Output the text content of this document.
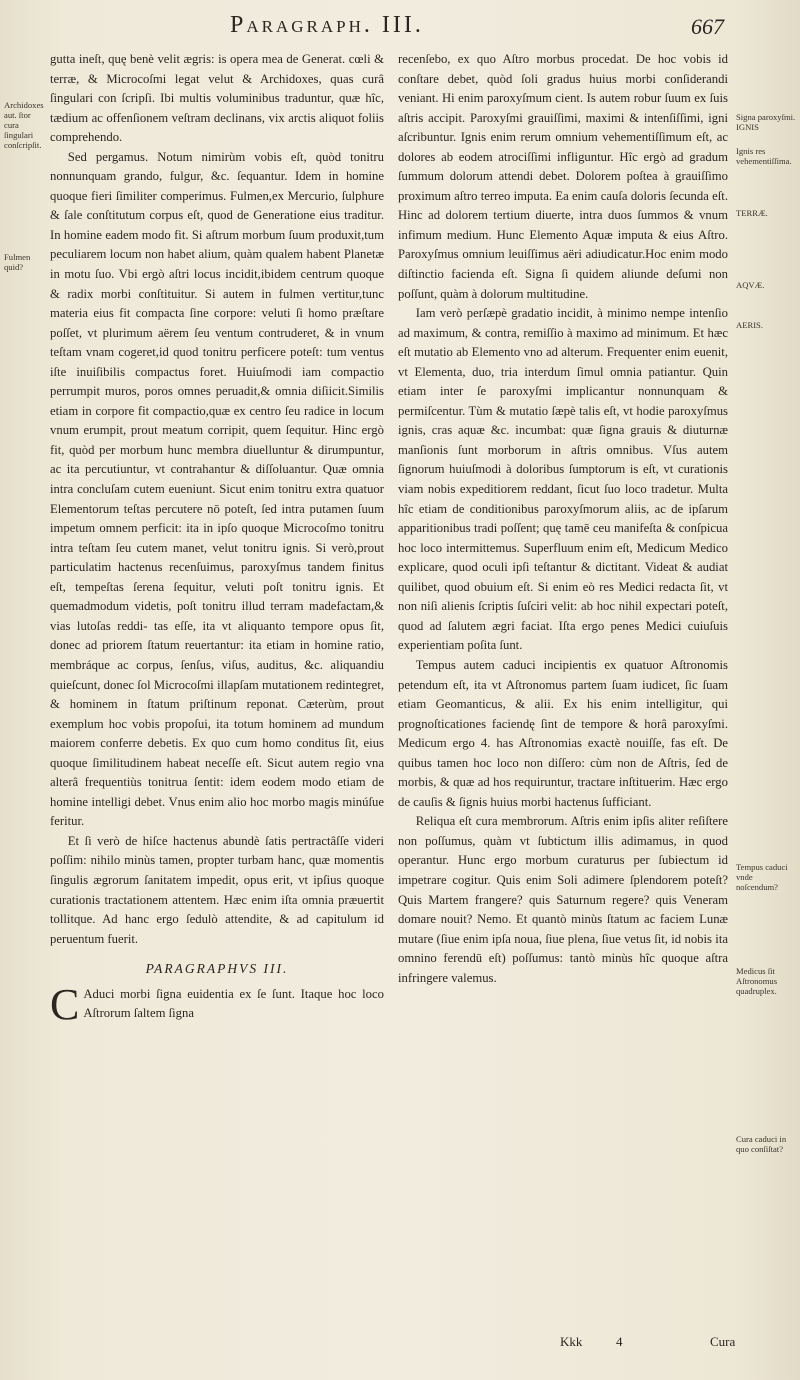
Paragraph. III.	667
Archidoxes aut. ſtor cura ſingulari conſcripſit.
Fulmen quid?
Signa paroxyſmi. IGNIS
Ignis res vehementiſſima.
TERRÆ.
AQVÆ.
AERIS.
Tempus caduci vnde noſcendum?
Medicus ſit Aſtronomus quadruplex.
Cura caduci in quo conſiſtat?

gutta ineſt, quę benè velit ægris: is opera mea de Generat. cœli & terræ, & Microcoſmi legat velut & Archidoxes, quas curâ ſingulari con ſcripſi. Ibi multis voluminibus traduntur, quæ hîc, tædium ac offenſionem veſtram declinans, vix arctis aliquot foliis comprehendo.

Sed pergamus. Notum nimirùm vobis eſt, quòd tonitru nonnunquam grando, fulgur, &c. ſequantur. Idem in homine quoque fieri ſimiliter comperimus. Fulmen,ex Mercurio, ſulphure & ſale conſtitutum corpus eſt, quod de Generatione eius traditur. In homine eadem modo fit. Si aſtrum morbum ſuum produxit,tum peculiarem locum non habet alium, quàm qualem habent Planetæ in motu ſuo. Vbi ergò aſtri locus incidit,ibidem centrum quoque & radix morbi conſtituitur. Si autem in fulmen vertitur,tunc materia eius fit compacta ſine corpore: veluti ſi homo præſtare poſſet, vt plurimum aërem ſeu ventum contruderet, & in vnum teſtam vnam cogeret,id quod tonitru perficere poteſt: tum ventus iſte inuiſibilis compactus foret. Huiuſmodi iam compactio perrumpit muros, poros omnes peruadit,& omnia diſiicit.Similis etiam in corpore fit compactio,quæ ex centro ſeu radice in locum vnum erumpit, prout meatum corripit, quem ſequitur. Hinc ergò fit, quòd per morbum hunc membra diuelluntur & dirumpuntur, ac ita percutiuntur, vt contrahantur & diſſoluantur. Quæ omnia intra concluſam cutem eueniunt. Sicut enim tonitru extra quatuor Elementorum teſtas percutere nō poteſt, ſed intra putamen ſuum impetum omnem perficit: ita in ipſo quoque Microcoſmo tonitru intra teſtam ſeu cutem manet, velut tonitru ignis. Si verò,prout particulatim hactenus recenſuimus, paroxyſmus tandem finitus eſt, tempeſtas ſerena ſequitur, veluti poſt tonitru ignis. Et quemadmodum videtis, poſt tonitru illud terram madefactam,& vias lutoſas reddi- tas eſſe, ita vt aliquanto tempore opus ſit, donec ad priorem ſtatum reuertantur: ita etiam in homine ratio, membráque ac corpus, ſenſus, viſus, auditus, &c. aliquandiu quieſcunt, donec ſol Microcoſmi illapſam mutationem redintegret, & hominem in ſtatum priſtinum reponat. Cæterùm, prout exemplum hoc vobis propoſui, ita totum hominem ad mundum maiorem conferre debetis. Ex quo cum homo conditus ſit, eius quoque ſimilitudinem habeat neceſſe eſt. Sicut autem regio vna alterâ frequentiùs tonitrua ſentit: idem eodem modo etiam de homine intelligi debet. Vnus enim alio hoc morbo magis minúſue feritur.

Et ſi verò de hiſce hactenus abundè ſatis pertractâſſe videri poſſim: nihilo minùs tamen, propter turbam hanc, quæ momentis ſingulis ægrorum ſanitatem impedit, opus erit, vt ipſius quoque curationis tractationem attentem. Hæc enim iſta omnia præuertit tollitque. Ad hanc ergo ſedulò attendite, & ad capitulum id peruentum fuerit.

PARAGRAPHVS III.

C Aduci morbi ſigna euidentia ex ſe ſunt. Itaque hoc loco Aſtrorum ſaltem ſigna

recenſebo, ex quo Aſtro morbus procedat. De hoc vobis id conſtare debet, quòd ſoli gradus huius morbi conſiderandi veniant. Hi enim paroxyſmum cient. Is autem robur ſuum ex ſuis aſtris accipit. Paroxyſmi grauiſſimi, maximi & intenſiſſimi, igni aſcribuntur. Ignis enim rerum omnium vehementiſſimum eſt, ac dolores ab eodem atrociſſimi infliguntur. Hîc ergò ad gradum ſummum dolorum attendi debet. Dolorem poſtea à grauiſſimo proximum aſtro terreo imputa. Ea enim cauſa doloris ſecunda eſt. Hinc ad dolorem tertium diuerte, intra duos ſummos & vnum infimum medium. Hunc Elemento Aquæ imputa & eius Aſtro. Paroxyſmus omnium leuiſſimus aëri adiudicatur.Hoc enim modo diſtinctio facienda eſt. Signa ſi quidem aliunde deſumi non poſſunt, quàm à dolorum multitudine.

Iam verò perſæpè gradatio incidit, à minimo nempe intenſio ad maximum, & contra, remiſſio à maximo ad minimum. Et hæc eſt mutatio ab Elemento vno ad alterum. Frequenter enim euenit, vt Elementa, duo, tria interdum ſimul omnia patiantur. Quin etiam inter ſe paroxyſmi implicantur nonnunquam & permiſcentur. Tùm & mutatio ſæpè talis eſt, vt hodie paroxyſmus ignis, cras aquæ &c. incumbat: quæ ſigna grauis & diuturnæ manſionis ſunt morborum in aſtris omnibus. Vſus autem ſignorum huiuſmodi à doloribus ſumptorum is eſt, vt curationis viam nobis expeditiorem reddant, ſicut ſuo loco tradetur. Multa hîc etiam de conditionibus paroxyſmorum aliis, ac de ipſarum apparitionibus tradi poſſent; quę tamē ceu manifeſta & conſpicua hoc loco intermittemus. Superfluum enim eſt, Medicum Medico explicare, quod oculi ipſi teſtantur & dictitant. Videat & audiat quilibet, quod obuium eſt. Si enim eò res Medici redacta ſit, vt non niſi alienis ſcriptis ſuſciri velit: ab hoc nihil expectari poteſt, quod ad ſalutem ægri faciat. Iſta ergo penes Medici cuiuſuis experientiam poſita ſunt.

Tempus autem caduci incipientis ex quatuor Aſtronomis petendum eſt, ita vt Aſtronomus partem ſuam iudicet, ſic ſuam etiam Geomanticus, & alii. Ex his enim intelligitur, qui prognoſticationes faciendę ſint de tempore & horâ paroxyſmi. Medicum ergo 4. has Aſtronomias exactè nouiſſe, fas eſt. De quibus tamen hoc loco non diſſero: cùm non de Aſtris, ſed de morbis, & quæ ad hos requiruntur, tractare inſtituerim. Hæc ergo de cauſis & ſignis huius morbi hactenus ſufficiant.

Reliqua eſt cura membrorum. Aſtris enim ipſis aliter reſiſtere non poſſumus, quàm vt ſubtictum illis adimamus, in quod operantur. Hunc ergo morbum curaturus per ſubiectum id impetrare cogitur. Quis enim Soli adimere ſplendorem poteſt? Quis Martem frangere? quis Saturnum regere? quis Veneram domare nouit? Nemo. Et quantò minùs ſtatum ac faciem Lunæ mutare (ſiue enim ipſa noua, ſiue plena, ſiue vetus ſit, id nobis ita omnino ferendū eſt) poſſumus: tantò minùs hîc quoque aſtra infringere valemus.

Kkk	4	Cura
